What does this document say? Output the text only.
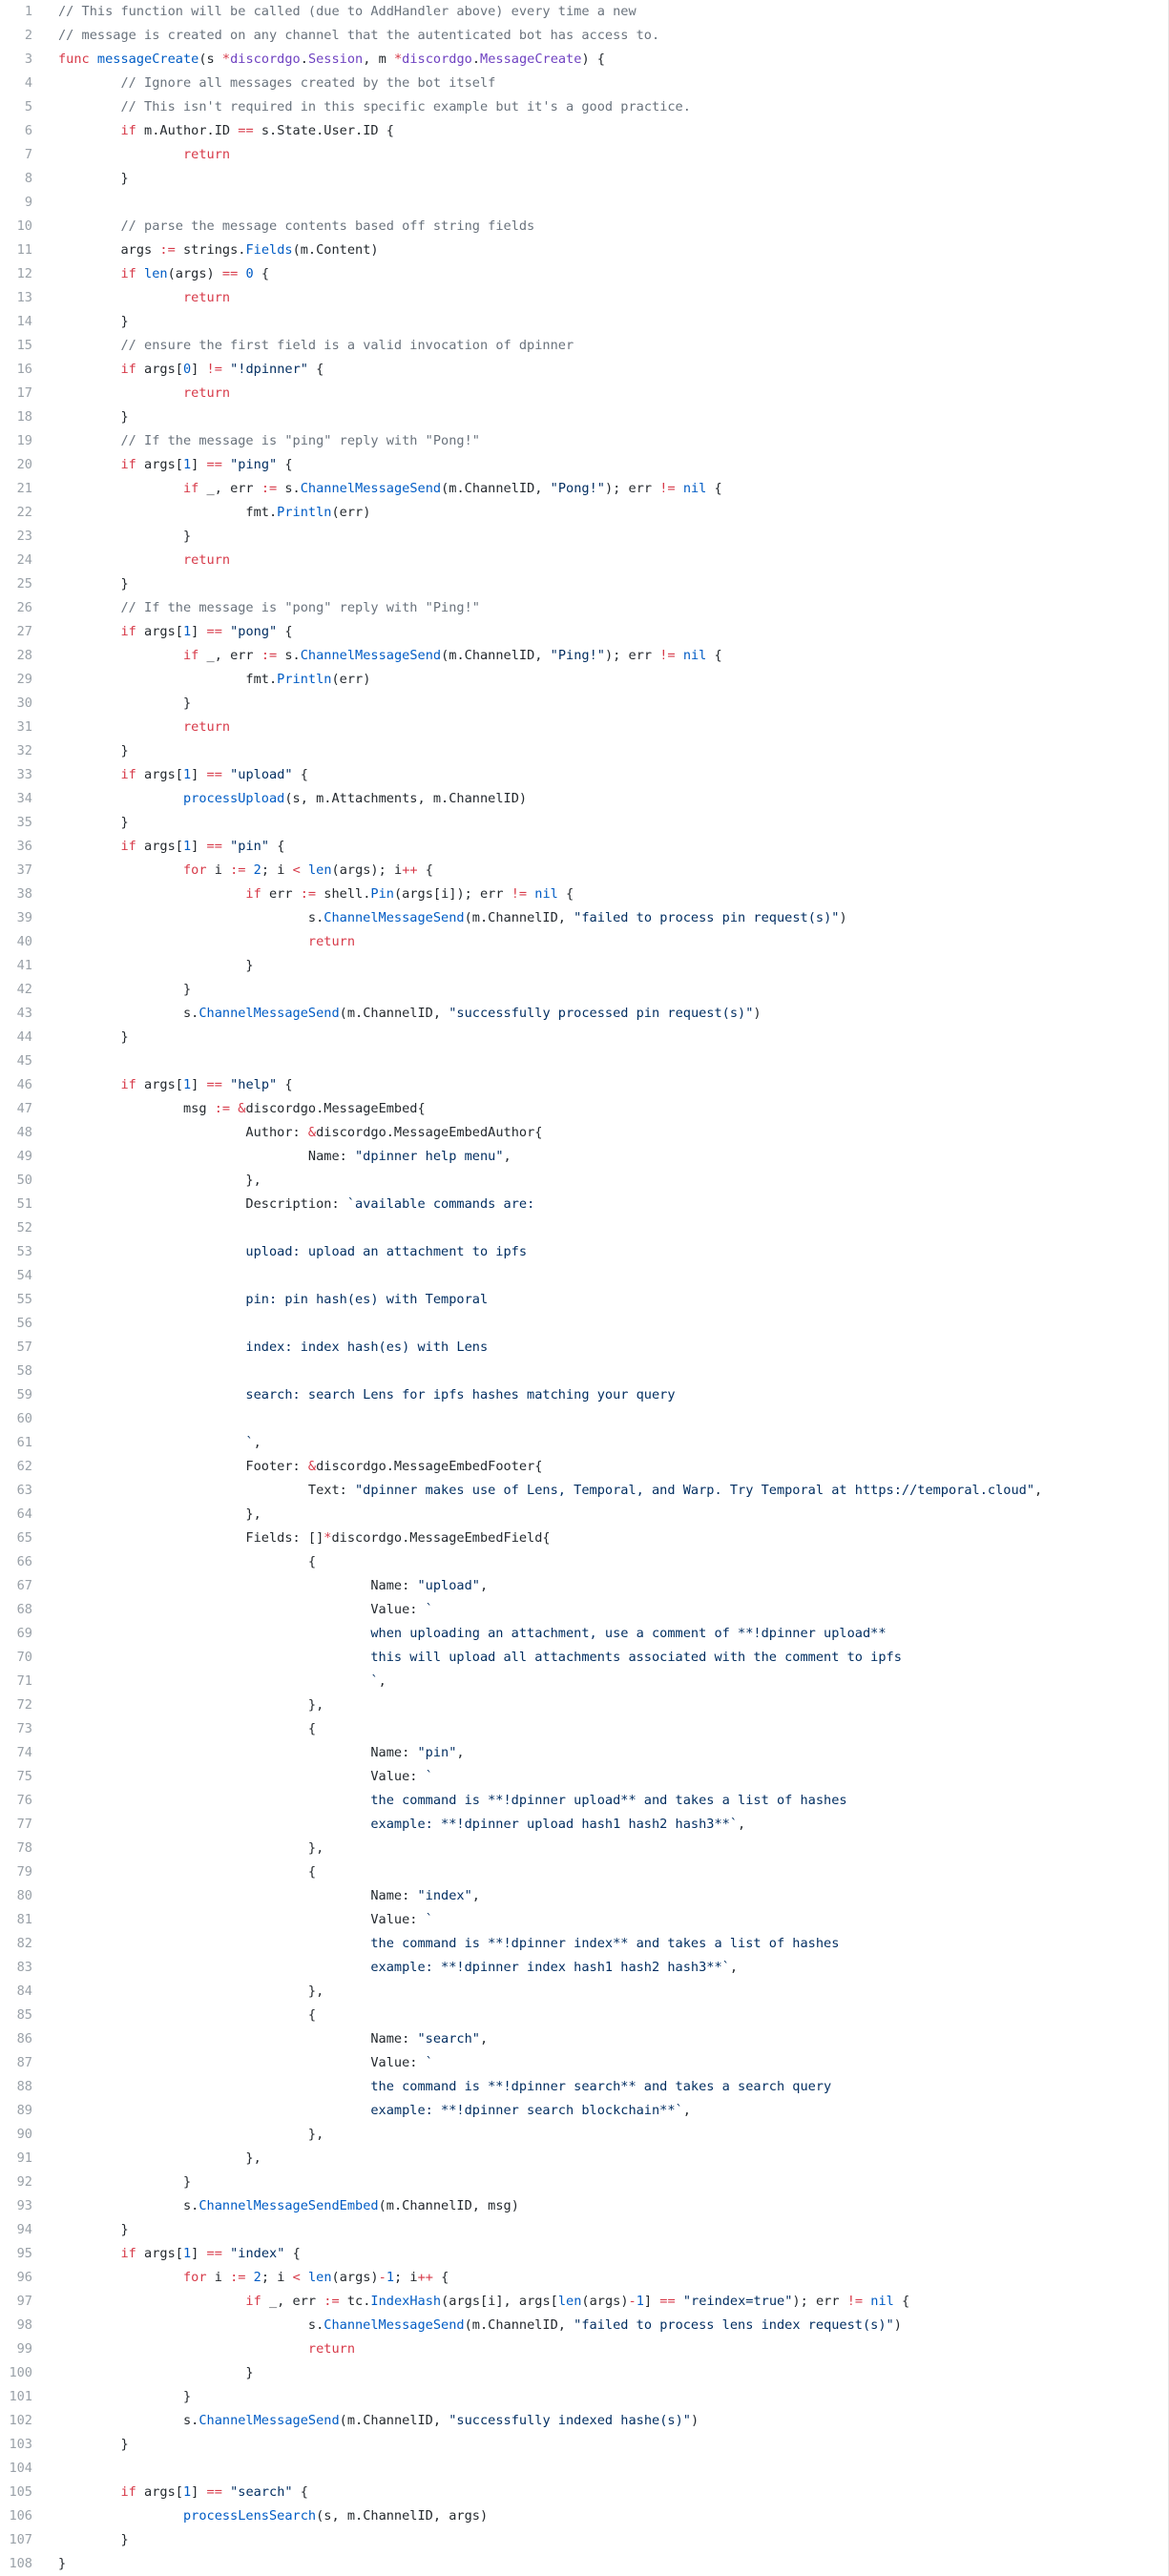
1
// This function will be called (due to AddHandler above) every time a new
2
// message is created on any channel that the autenticated bot has access to.
3
func messageCreate(s *discordgo.Session, m *discordgo.MessageCreate) {
4
// Ignore all messages created by the bot itself
5
// This isn't required in this specific example but it's a good practice.
6
if m.Author.ID == s.State.User.ID {
7
return
8
}
9
10
// parse the message contents based off string fields
11
args := strings.Fields(m.Content)
12
if len(args) == 0 {
13
return
14
}
15
// ensure the first field is a valid invocation of dpinner
16
if args[0] != "!dpinner" {
17
return
18
}
19
// If the message is "ping" reply with "Pong!"
20
if args[1] == "ping" {
21
if _, err := s.ChannelMessageSend(m.ChannelID, "Pong!"); err != nil {
22
fmt.Println(err)
23
}
24
return
25
}
26
// If the message is "pong" reply with "Ping!"
27
if args[1] == "pong" {
28
if _, err := s.ChannelMessageSend(m.ChannelID, "Ping!"); err != nil {
29
fmt.Println(err)
30
}
31
return
32
}
33
if args[1] == "upload" {
34
processUpload(s, m.Attachments, m.ChannelID)
35
}
36
if args[1] == "pin" {
37
for i := 2; i < len(args); i++ {
38
if err := shell.Pin(args[i]); err != nil {
39
s.ChannelMessageSend(m.ChannelID, "failed to process pin request(s)")
40
return
41
}
42
}
43
s.ChannelMessageSend(m.ChannelID, "successfully processed pin request(s)")
44
}
45
46
if args[1] == "help" {
47
msg := &discordgo.MessageEmbed{
48
Author: &discordgo.MessageEmbedAuthor{
49
Name: "dpinner help menu",
50
},
51
Description: `available commands are:
52
53
upload: upload an attachment to ipfs
54
55
pin: pin hash(es) with Temporal
56
57
index: index hash(es) with Lens
58
59
search: search Lens for ipfs hashes matching your query
60
61
`,
62
Footer: &discordgo.MessageEmbedFooter{
63
Text: "dpinner makes use of Lens, Temporal, and Warp. Try Temporal at https://temporal.cloud",
64
},
65
Fields: []*discordgo.MessageEmbedField{
66
{
67
Name: "upload",
68
Value: `
69
when uploading an attachment, use a comment of **!dpinner upload**
70
this will upload all attachments associated with the comment to ipfs
71
`,
72
},
73
{
74
Name: "pin",
75
Value: `
76
the command is **!dpinner upload** and takes a list of hashes
77
example: **!dpinner upload hash1 hash2 hash3**`,
78
},
79
{
80
Name: "index",
81
Value: `
82
the command is **!dpinner index** and takes a list of hashes
83
example: **!dpinner index hash1 hash2 hash3**`,
84
},
85
{
86
Name: "search",
87
Value: `
88
the command is **!dpinner search** and takes a search query
89
example: **!dpinner search blockchain**`,
90
},
91
},
92
}
93
s.ChannelMessageSendEmbed(m.ChannelID, msg)
94
}
95
if args[1] == "index" {
96
for i := 2; i < len(args)-1; i++ {
97
if _, err := tc.IndexHash(args[i], args[len(args)-1] == "reindex=true"); err != nil {
98
s.ChannelMessageSend(m.ChannelID, "failed to process lens index request(s)")
99
return
100
}
101
}
102
s.ChannelMessageSend(m.ChannelID, "successfully indexed hashe(s)")
103
}
104
105
if args[1] == "search" {
106
processLensSearch(s, m.ChannelID, args)
107
}
108
}
